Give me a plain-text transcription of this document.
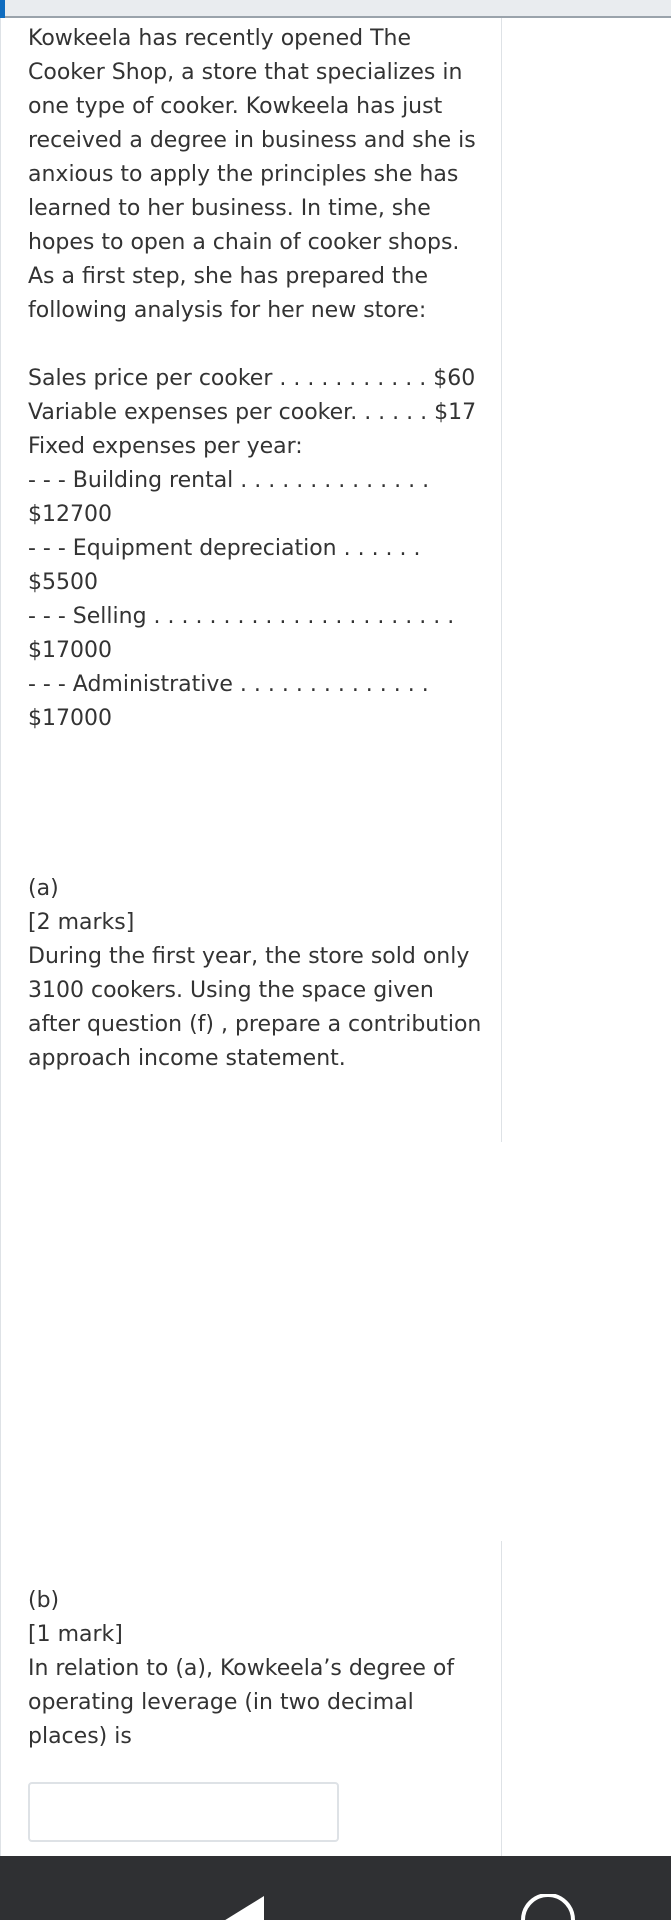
Kowkeela has recently opened The
Cooker Shop, a store that specializes in
one type of cooker. Kowkeela has just
received a degree in business and she is
anxious to apply the principles she has
learned to her business. In time, she
hopes to open a chain of cooker shops.
As a first step, she has prepared the
following analysis for her new store:
Sales price per cooker . . . . . . . . . . . $60
Variable expenses per cooker. . . . . . $17
Fixed expenses per year:
- - - Building rental . . . . . . . . . . . . . .
$12700
- - - Equipment depreciation . . . . . .
$5500
- - - Selling . . . . . . . . . . . . . . . . . . . . . .
$17000
- - - Administrative . . . . . . . . . . . . . .
$17000
(a)
[2 marks]
During the first year, the store sold only
3100 cookers. Using the space given
after question (f) , prepare a contribution
approach income statement.
(b)
[1 mark]
In relation to (a), Kowkeela’s degree of
operating leverage (in two decimal
places) is
